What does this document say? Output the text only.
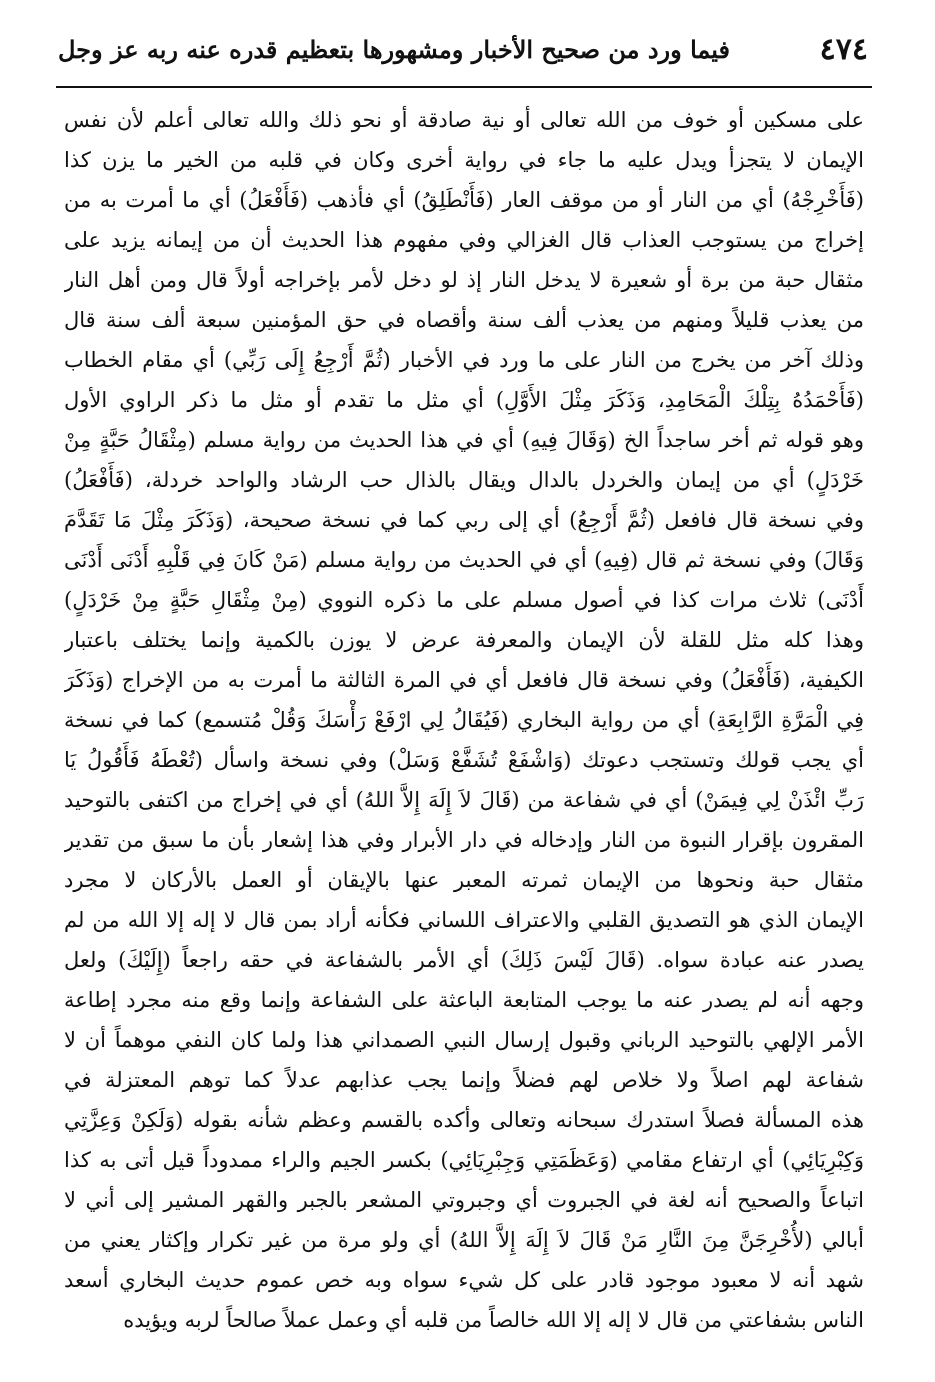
٤٧٤
فيما ورد من صحيح الأخبار ومشهورها بتعظيم قدره عنه ربه عز وجل
على مسكين أو خوف من الله تعالى أو نية صادقة أو نحو ذلك والله تعالى أعلم لأن نفس
الإيمان لا يتجزأ ويدل عليه ما جاء في رواية أخرى وكان في قلبه من الخير ما يزن كذا
(فَأَخْرِجْهُ) أي من النار أو من موقف العار (فَأَنْطَلِقُ) أي فأذهب (فَأَفْعَلُ) أي ما أمرت به من
إخراج من يستوجب العذاب قال الغزالي وفي مفهوم هذا الحديث أن من إيمانه يزيد على
مثقال حبة من برة أو شعيرة لا يدخل النار إذ لو دخل لأمر بإخراجه أولاً قال ومن أهل النار
من يعذب قليلاً ومنهم من يعذب ألف سنة وأقصاه في حق المؤمنين سبعة ألف سنة قال
وذلك آخر من يخرج من النار على ما ورد في الأخبار (ثُمَّ أَرْجِعُ إِلَى رَبِّي) أي مقام الخطاب
(فَأَحْمَدُهُ بِتِلْكَ الْمَحَامِدِ، وَذَكَرَ مِثْلَ الأَوَّلِ) أي مثل ما تقدم أو مثل ما ذكر الراوي الأول
وهو قوله ثم أخر ساجداً الخ (وَقَالَ فِيهِ) أي في هذا الحديث من رواية مسلم (مِثْقَالُ حَبَّةٍ مِنْ
خَرْدَلٍ) أي من إيمان والخردل بالدال ويقال بالذال حب الرشاد والواحد خردلة، (فَأَفْعَلُ)
وفي نسخة قال فافعل (ثُمَّ أَرْجِعُ) أي إلى ربي كما في نسخة صحيحة، (وَذَكَرَ مِثْلَ مَا تَقَدَّمَ
وَقَالَ) وفي نسخة ثم قال (فِيهِ) أي في الحديث من رواية مسلم (مَنْ كَانَ فِي قَلْبِهِ أَدْنَى أَدْنَى
أَدْنَى) ثلاث مرات كذا في أصول مسلم على ما ذكره النووي (مِنْ مِثْقَالِ حَبَّةٍ مِنْ خَرْدَلٍ)
وهذا كله مثل للقلة لأن الإيمان والمعرفة عرض لا يوزن بالكمية وإنما يختلف باعتبار
الكيفية، (فَأَفْعَلُ) وفي نسخة قال فافعل أي في المرة الثالثة ما أمرت به من الإخراج (وَذَكَرَ
فِي الْمَرَّةِ الرَّابِعَةِ) أي من رواية البخاري (فَيُقَالُ لِي ارْفَعْ رَأْسَكَ وَقُلْ مُتسمع) كما في نسخة
أي يجب قولك وتستجب دعوتك (وَاشْفَعْ تُشَفَّعْ وَسَلْ) وفي نسخة واسأل (تُعْطَهُ فَأَقُولُ يَا
رَبِّ ائْذَنْ لِي فِيمَنْ) أي في شفاعة من (قَالَ لاَ إِلَهَ إِلاَّ اللهُ) أي في إخراج من اكتفى بالتوحيد
المقرون بإقرار النبوة من النار وإدخاله في دار الأبرار وفي هذا إشعار بأن ما سبق من تقدير
مثقال حبة ونحوها من الإيمان ثمرته المعبر عنها بالإيقان أو العمل بالأركان لا مجرد
الإيمان الذي هو التصديق القلبي والاعتراف اللساني فكأنه أراد بمن قال لا إله إلا الله من لم
يصدر عنه عبادة سواه. (قَالَ لَيْسَ ذَلِكَ) أي الأمر بالشفاعة في حقه راجعاً (إِلَيْكَ) ولعل
وجهه أنه لم يصدر عنه ما يوجب المتابعة الباعثة على الشفاعة وإنما وقع منه مجرد إطاعة
الأمر الإلهي بالتوحيد الرباني وقبول إرسال النبي الصمداني هذا ولما كان النفي موهماً أن لا
شفاعة لهم اصلاً ولا خلاص لهم فضلاً وإنما يجب عذابهم عدلاً كما توهم المعتزلة في
هذه المسألة فصلاً استدرك سبحانه وتعالى وأكده بالقسم وعظم شأنه بقوله (وَلَكِنْ وَعِزَّتِي
وَكِبْرِيَائِي) أي ارتفاع مقامي (وَعَظَمَتِي وَجِبْرِيَائِي) بكسر الجيم والراء ممدوداً قيل أتى به كذا
اتباعاً والصحيح أنه لغة في الجبروت أي وجبروتي المشعر بالجبر والقهر المشير إلى أني لا
أبالي (لأُخْرِجَنَّ مِنَ النَّارِ مَنْ قَالَ لاَ إِلَهَ إِلاَّ اللهُ) أي ولو مرة من غير تكرار وإكثار يعني من
شهد أنه لا معبود موجود قادر على كل شيء سواه وبه خص عموم حديث البخاري أسعد
الناس بشفاعتي من قال لا إله إلا الله خالصاً من قلبه أي وعمل عملاً صالحاً لربه ويؤيده
